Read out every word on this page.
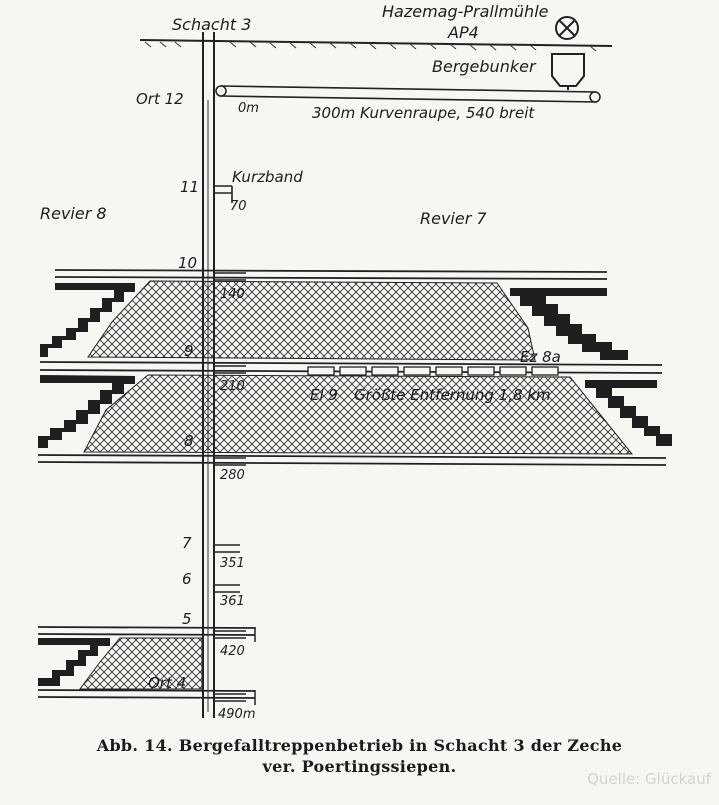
Schacht 3
Hazemag-Prallmühle
AP4
Bergebunker
Ort 12
0m	300m Kurvenraupe, 540 breit
Kurzband
Revier 8	Revier 7
Ez 8a
El 9 Größte Entfernung 1,8 km
Ort 4
11
10
9
8
7
6
5
70
140
210
280
351
361
420
490m
Abb. 14. Bergefalltreppenbetrieb in Schacht 3 der Zeche
ver. Poertingssiepen.
Quelle: Glückauf
